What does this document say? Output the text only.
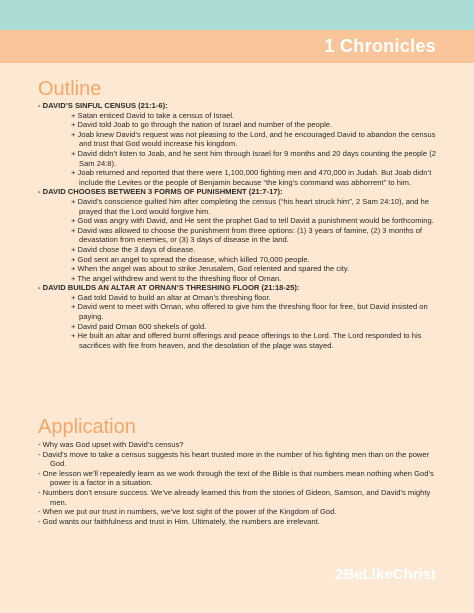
1 Chronicles
Outline
- DAVID’S SINFUL CENSUS (21:1-6):
+ Satan enticed David to take a census of Israel.
+ David told Joab to go through the nation of Israel and number of the people.
+ Joab knew David’s request was not pleasing to the Lord, and he encouraged David to abandon the census and trust that God would increase his kingdom.
+ David didn’t listen to Joab, and he sent him through Israel for 9 months and 20 days counting the people (2 Sam 24:8).
+ Joab returned and reported that there were 1,100,000 fighting men and 470,000 in Judah. But Joab didn’t include the Levites or the people of Benjamin because “the king’s command was abhorrent” to him.
- DAVID CHOOSES BETWEEN 3 FORMS OF PUNISHMENT (21:7-17):
+ David’s conscience guilted him after completing the census (“his heart struck him”, 2 Sam 24:10), and he prayed that the Lord would forgive him.
+ God was angry with David, and He sent the prophet Gad to tell David a punishment would be forthcoming.
+ David was allowed to choose the punishment from three options: (1) 3 years of famine, (2) 3 months of devastation from enemies, or (3) 3 days of disease in the land.
+ David chose the 3 days of disease.
+ God sent an angel to spread the disease, which killed 70,000 people.
+ When the angel was about to strike Jerusalem, God relented and spared the city.
+ The angel withdrew and went to the threshing floor of Ornan.
- DAVID BUILDS AN ALTAR AT ORNAN’S THRESHING FLOOR (21:18-25):
+ Gad told David to build an altar at Ornan’s threshing floor.
+ David went to meet with Ornan, who offered to give him the threshing floor for free, but David insisted on paying.
+ David paid Ornan 600 shekels of gold.
+ He built an altar and offered burnt offerings and peace offerings to the Lord. The Lord responded to his sacrifices with fire from heaven, and the desolation of the plage was stayed.
Application
- Why was God upset with David’s census?
- David’s move to take a census suggests his heart trusted more in the number of his fighting men than on the power God.
- One lesson we’ll repeatedly learn as we work through the text of the Bible is that numbers mean nothing when God’s power is a factor in a situation.
- Numbers don’t ensure success. We’ve already learned this from the stories of Gideon, Samson, and David’s mighty men.
- When we put our trust in numbers, we’ve lost sight of the power of the Kingdom of God.
- God wants our faithfulness and trust in Him. Ultimately, the numbers are irrelevant.
2BeLikeChrist
